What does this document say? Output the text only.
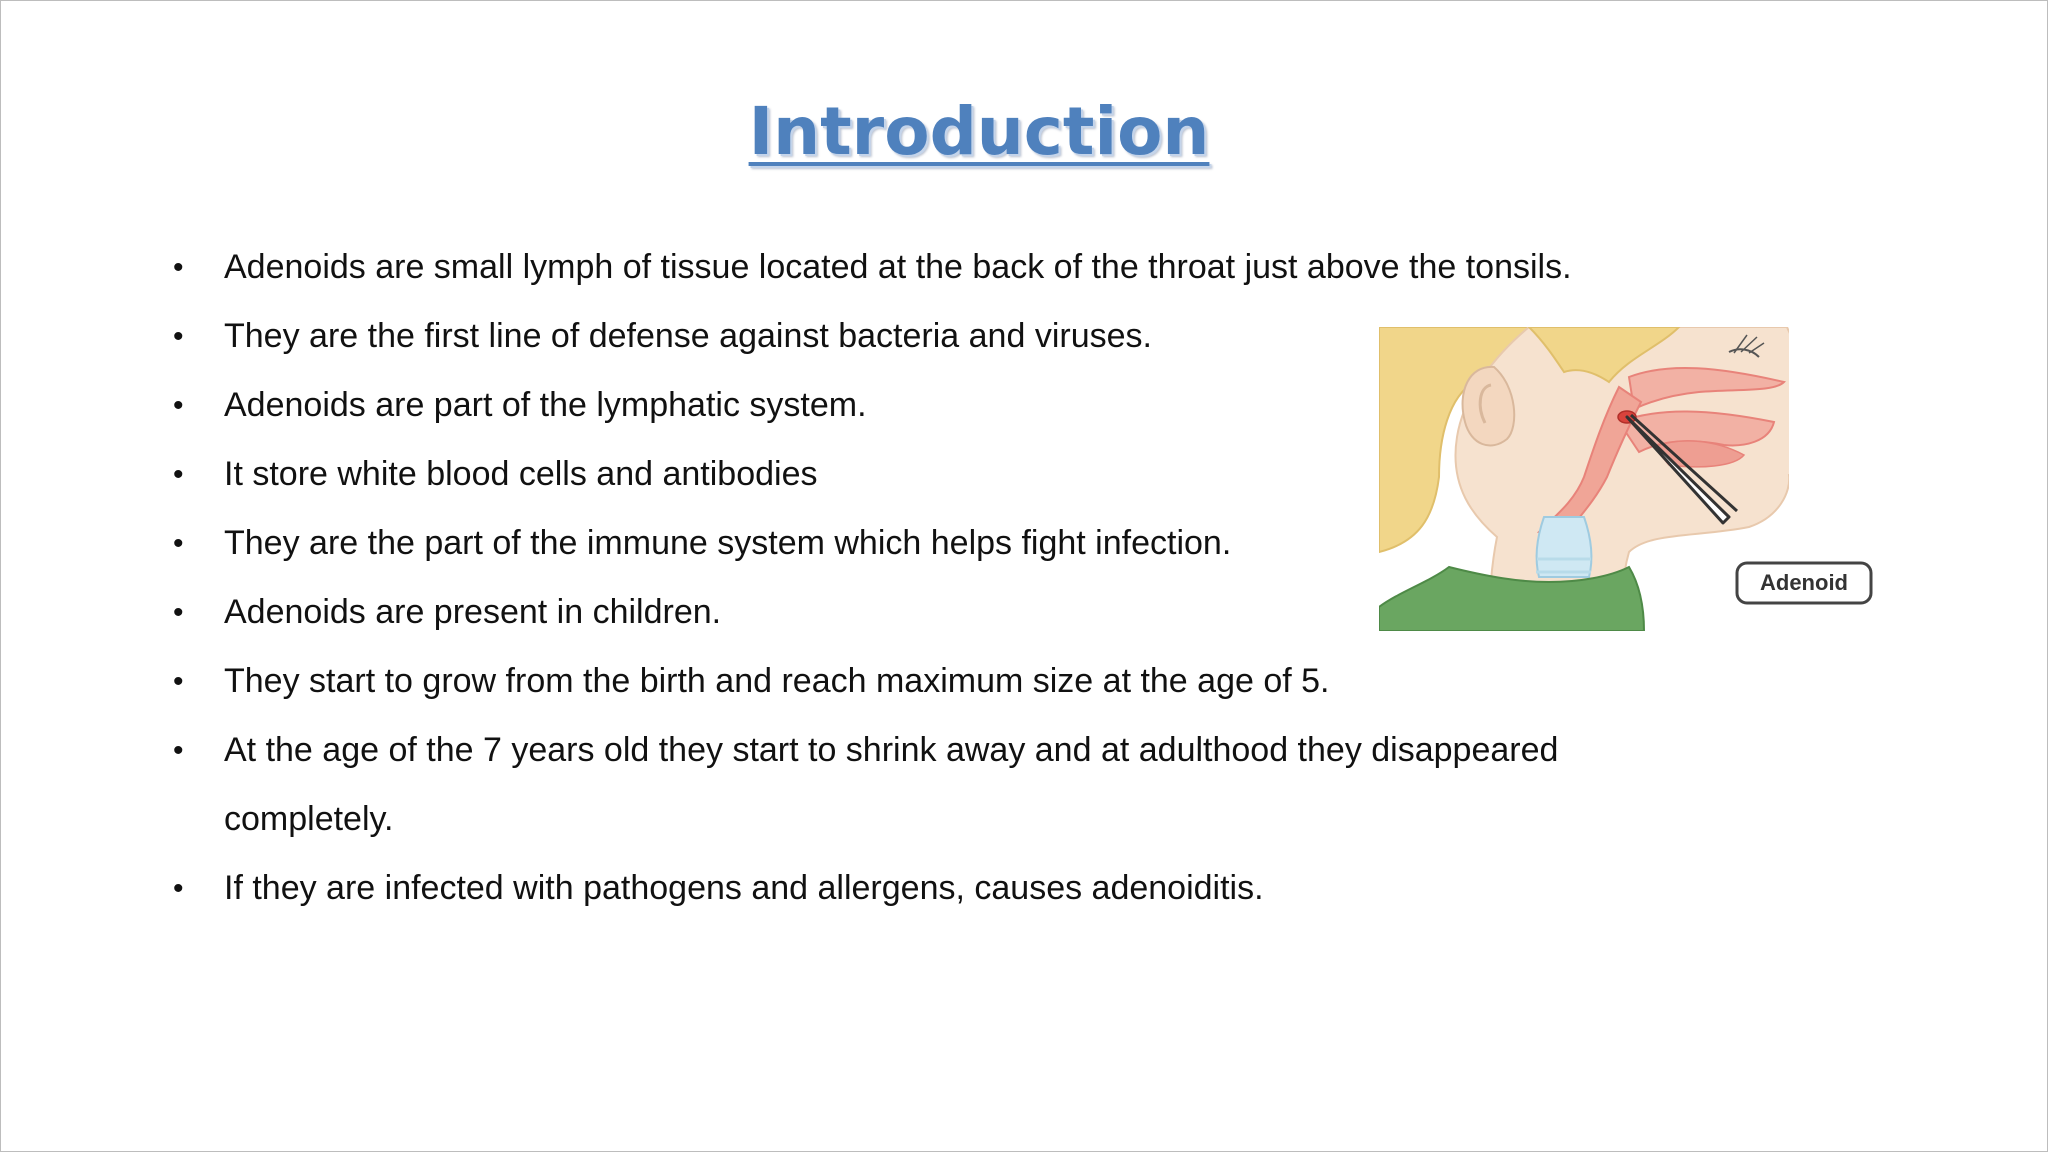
Introduction
•	Adenoids are small lymph of tissue located at the back of the throat just above the tonsils.
•	They are the first line of defense against bacteria and viruses.
•	Adenoids are part of the lymphatic system.
•	It store white blood cells and antibodies
•	They are the part of the immune system which helps fight infection.
•	Adenoids are present in children.
•	They start to grow from the birth and reach maximum size at the age of 5.
•	At the age of the 7 years old they start to shrink away and at adulthood they disappeared completely.
•	If they are infected with pathogens and allergens, causes adenoiditis.
Adenoid
